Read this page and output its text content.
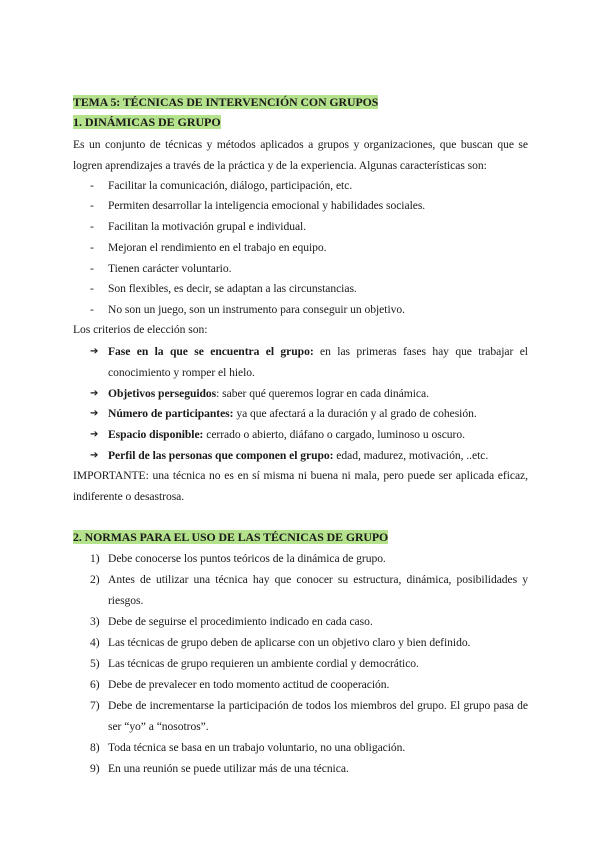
TEMA 5: TÉCNICAS DE INTERVENCIÓN CON GRUPOS
1. DINÁMICAS DE GRUPO
Es un conjunto de técnicas y métodos aplicados a grupos y organizaciones, que buscan que se logren aprendizajes a través de la práctica y de la experiencia. Algunas características son:
-	Facilitar la comunicación, diálogo, participación, etc.
-	Permiten desarrollar la inteligencia emocional y habilidades sociales.
-	Facilitan la motivación grupal e individual.
-	Mejoran el rendimiento en el trabajo en equipo.
-	Tienen carácter voluntario.
-	Son flexibles, es decir, se adaptan a las circunstancias.
-	No son un juego, son un instrumento para conseguir un objetivo.
Los criterios de elección son:
➔ Fase en la que se encuentra el grupo: en las primeras fases hay que trabajar el conocimiento y romper el hielo.
➔ Objetivos perseguidos: saber qué queremos lograr en cada dinámica.
➔ Número de participantes: ya que afectará a la duración y al grado de cohesión.
➔ Espacio disponible: cerrado o abierto, diáfano o cargado, luminoso u oscuro.
➔ Perfil de las personas que componen el grupo: edad, madurez, motivación, ..etc.
IMPORTANTE: una técnica no es en sí misma ni buena ni mala, pero puede ser aplicada eficaz, indiferente o desastrosa.
2. NORMAS PARA EL USO DE LAS TÉCNICAS DE GRUPO
1) Debe conocerse los puntos teóricos de la dinámica de grupo.
2) Antes de utilizar una técnica hay que conocer su estructura, dinámica, posibilidades y riesgos.
3) Debe de seguirse el procedimiento indicado en cada caso.
4) Las técnicas de grupo deben de aplicarse con un objetivo claro y bien definido.
5) Las técnicas de grupo requieren un ambiente cordial y democrático.
6) Debe de prevalecer en todo momento actitud de cooperación.
7) Debe de incrementarse la participación de todos los miembros del grupo. El grupo pasa de ser “yo” a “nosotros”.
8) Toda técnica se basa en un trabajo voluntario, no una obligación.
9) En una reunión se puede utilizar más de una técnica.
